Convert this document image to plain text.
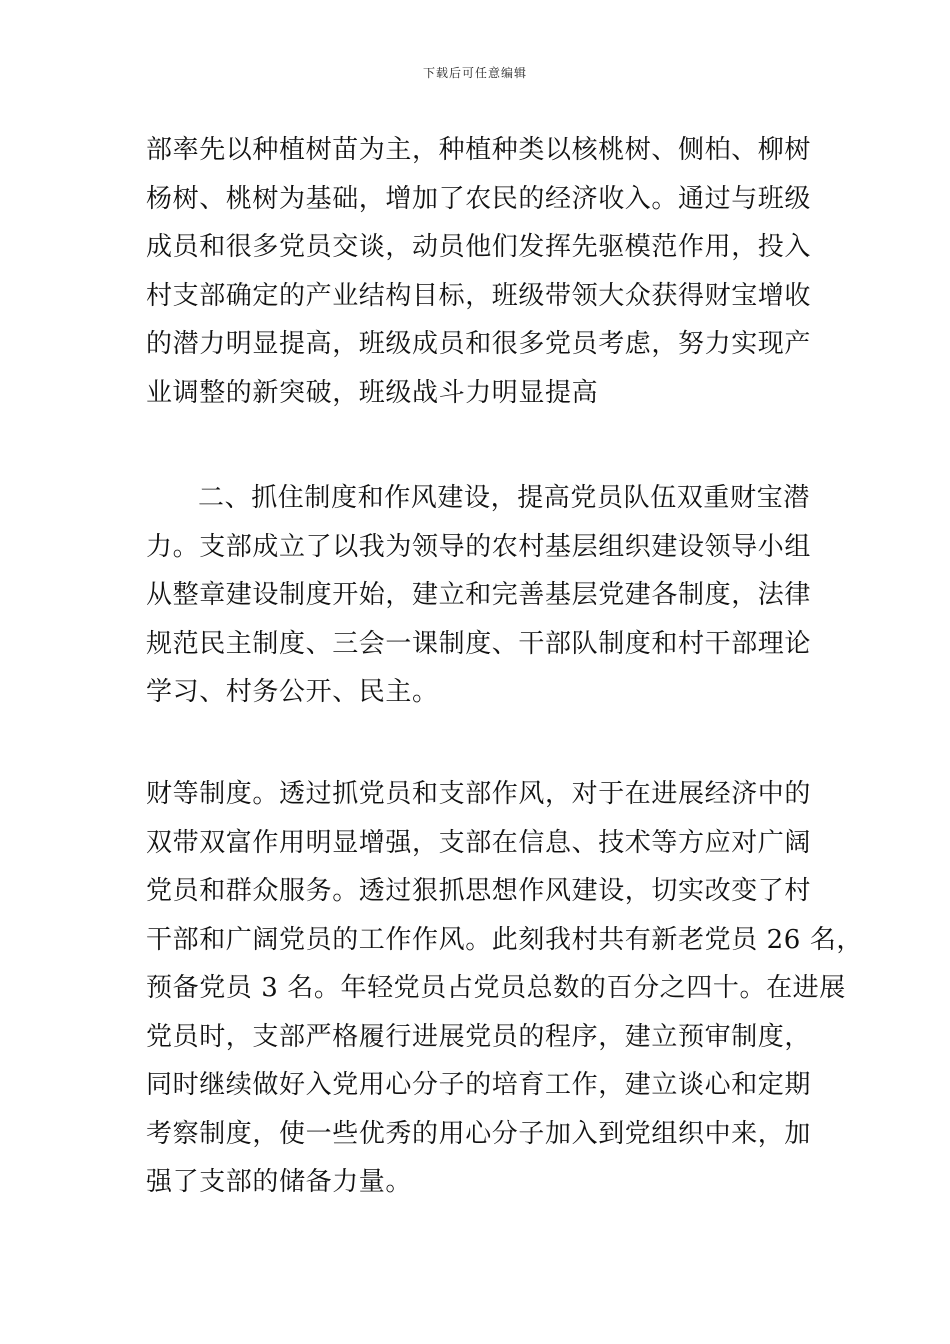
下载后可任意编辑
部率先以种植树苗为主，种植种类以核桃树、侧柏、柳树
杨树、桃树为基础，增加了农民的经济收入。通过与班级
成员和很多党员交谈，动员他们发挥先驱模范作用，投入
村支部确定的产业结构目标，班级带领大众获得财宝增收
的潜力明显提高，班级成员和很多党员考虑，努力实现产
业调整的新突破，班级战斗力明显提高
二、抓住制度和作风建设，提高党员队伍双重财宝潜
力。支部成立了以我为领导的农村基层组织建设领导小组
从整章建设制度开始，建立和完善基层党建各制度，法律
规范民主制度、三会一课制度、干部队制度和村干部理论
学习、村务公开、民主。
财等制度。透过抓党员和支部作风，对于在进展经济中的
双带双富作用明显增强，支部在信息、技术等方应对广阔
党员和群众服务。透过狠抓思想作风建设，切实改变了村
干部和广阔党员的工作作风。此刻我村共有新老党员 26 名，
预备党员 3 名。年轻党员占党员总数的百分之四十。在进展
党员时，支部严格履行进展党员的程序，建立预审制度，
同时继续做好入党用心分子的培育工作，建立谈心和定期
考察制度，使一些优秀的用心分子加入到党组织中来，加
强了支部的储备力量。
